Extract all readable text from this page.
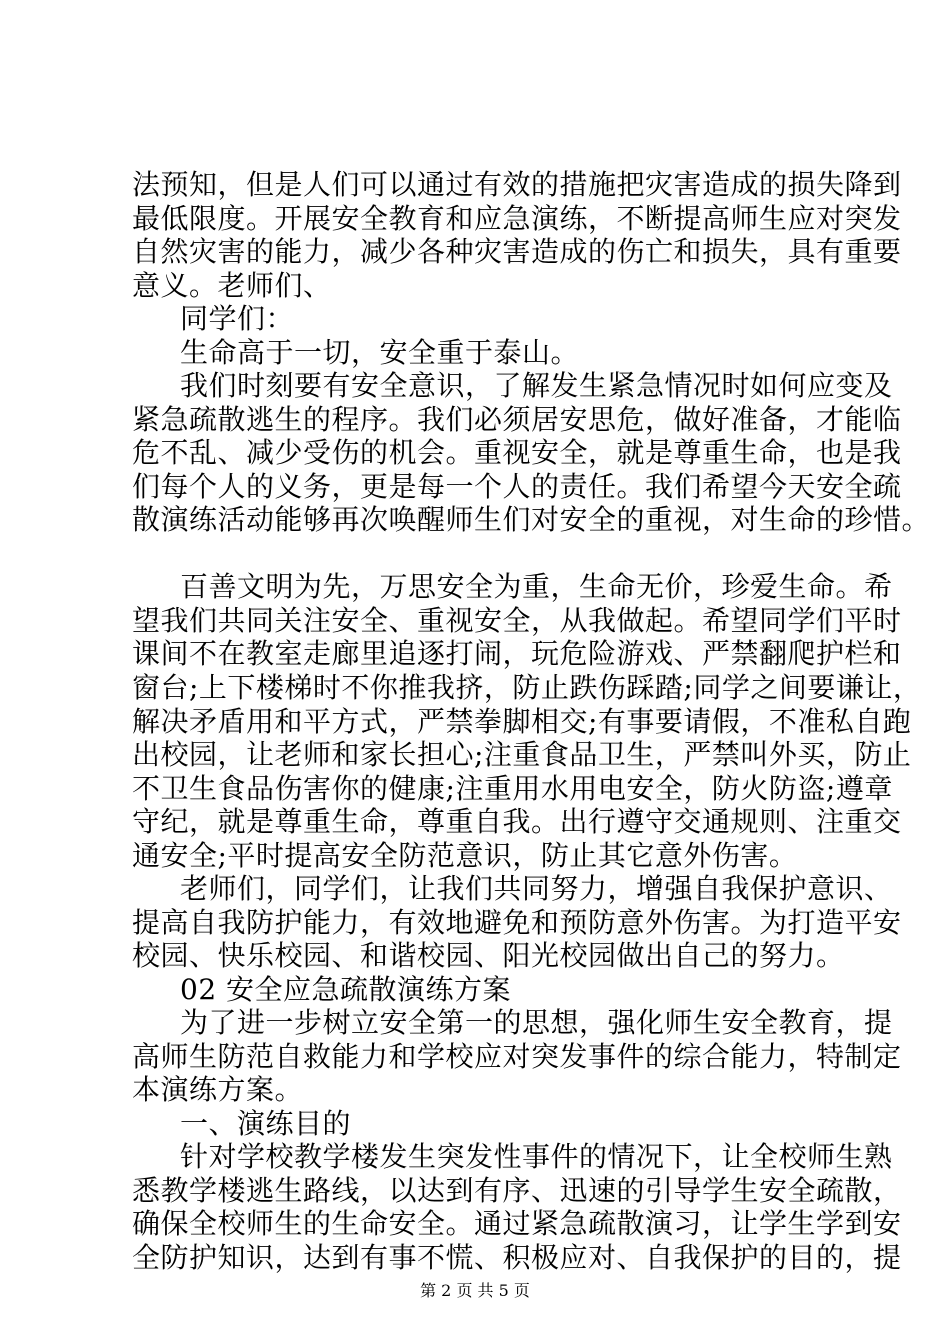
法预知，但是人们可以通过有效的措施把灾害造成的损失降到
最低限度。开展安全教育和应急演练，不断提高师生应对突发
自然灾害的能力，减少各种灾害造成的伤亡和损失，具有重要
意义。老师们、
同学们：
生命高于一切，安全重于泰山。
我们时刻要有安全意识，了解发生紧急情况时如何应变及
紧急疏散逃生的程序。我们必须居安思危，做好准备，才能临
危不乱、减少受伤的机会。重视安全，就是尊重生命，也是我
们每个人的义务，更是每一个人的责任。我们希望今天安全疏
散演练活动能够再次唤醒师生们对安全的重视，对生命的珍惜。
百善文明为先，万思安全为重，生命无价，珍爱生命。希
望我们共同关注安全、重视安全，从我做起。希望同学们平时
课间不在教室走廊里追逐打闹，玩危险游戏、严禁翻爬护栏和
窗台;上下楼梯时不你推我挤，防止跌伤踩踏;同学之间要谦让，
解决矛盾用和平方式，严禁拳脚相交;有事要请假，不准私自跑
出校园，让老师和家长担心;注重食品卫生，严禁叫外买，防止
不卫生食品伤害你的健康;注重用水用电安全，防火防盗;遵章
守纪，就是尊重生命，尊重自我。出行遵守交通规则、注重交
通安全;平时提高安全防范意识，防止其它意外伤害。
老师们，同学们，让我们共同努力，增强自我保护意识、
提高自我防护能力，有效地避免和预防意外伤害。为打造平安
校园、快乐校园、和谐校园、阳光校园做出自己的努力。
02 安全应急疏散演练方案
为了进一步树立安全第一的思想，强化师生安全教育，提
高师生防范自救能力和学校应对突发事件的综合能力，特制定
本演练方案。
一、演练目的
针对学校教学楼发生突发性事件的情况下，让全校师生熟
悉教学楼逃生路线，以达到有序、迅速的引导学生安全疏散，
确保全校师生的生命安全。通过紧急疏散演习，让学生学到安
全防护知识，达到有事不慌、积极应对、自我保护的目的，提
第 2 页 共 5 页
